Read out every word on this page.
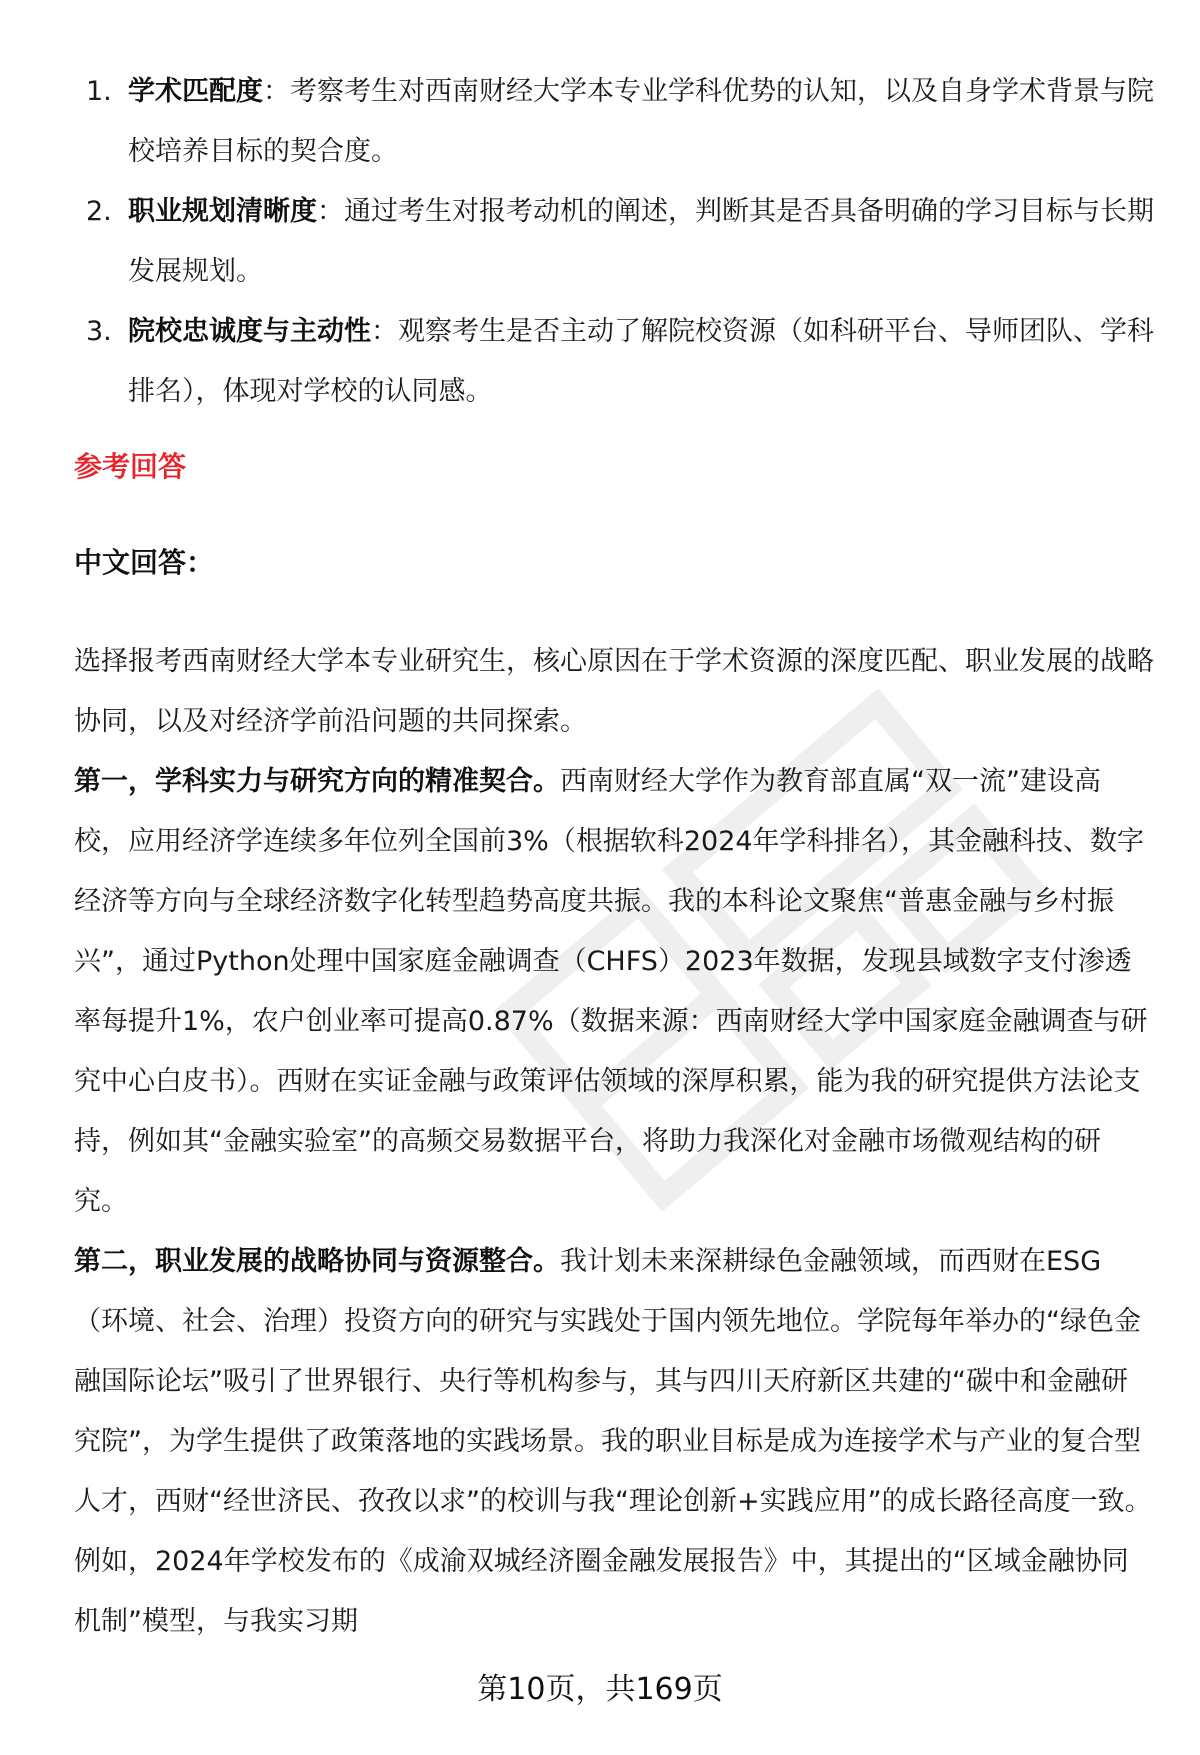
1. 学术匹配度：考察考生对西南财经大学本专业学科优势的认知，以及自身学术背景与院校培养目标的契合度。
2. 职业规划清晰度：通过考生对报考动机的阐述，判断其是否具备明确的学习目标与长期发展规划。
3. 院校忠诚度与主动性：观察考生是否主动了解院校资源（如科研平台、导师团队、学科排名），体现对学校的认同感。
参考回答
中文回答：

选择报考西南财经大学本专业研究生，核心原因在于学术资源的深度匹配、职业发展的战略协同，以及对经济学前沿问题的共同探索。

第一，学科实力与研究方向的精准契合。西南财经大学作为教育部直属“双一流”建设高校，应用经济学连续多年位列全国前3%（根据软科2024年学科排名），其金融科技、数字经济等方向与全球经济数字化转型趋势高度共振。我的本科论文聚焦“普惠金融与乡村振兴”，通过Python处理中国家庭金融调查（CHFS）2023年数据，发现县域数字支付渗透率每提升1%，农户创业率可提高0.87%（数据来源：西南财经大学中国家庭金融调查与研究中心白皮书）。西财在实证金融与政策评估领域的深厚积累，能为我的研究提供方法论支持，例如其“金融实验室”的高频交易数据平台，将助力我深化对金融市场微观结构的研究。

第二，职业发展的战略协同与资源整合。我计划未来深耕绿色金融领域，而西财在ESG（环境、社会、治理）投资方向的研究与实践处于国内领先地位。学院每年举办的“绿色金融国际论坛”吸引了世界银行、央行等机构参与，其与四川天府新区共建的“碳中和金融研究院”，为学生提供了政策落地的实践场景。我的职业目标是成为连接学术与产业的复合型人才，西财“经世济民、孜孜以求”的校训与我“理论创新+实践应用”的成长路径高度一致。例如，2024年学校发布的《成渝双城经济圈金融发展报告》中，其提出的“区域金融协同机制”模型，与我实习期

第10页，共169页
